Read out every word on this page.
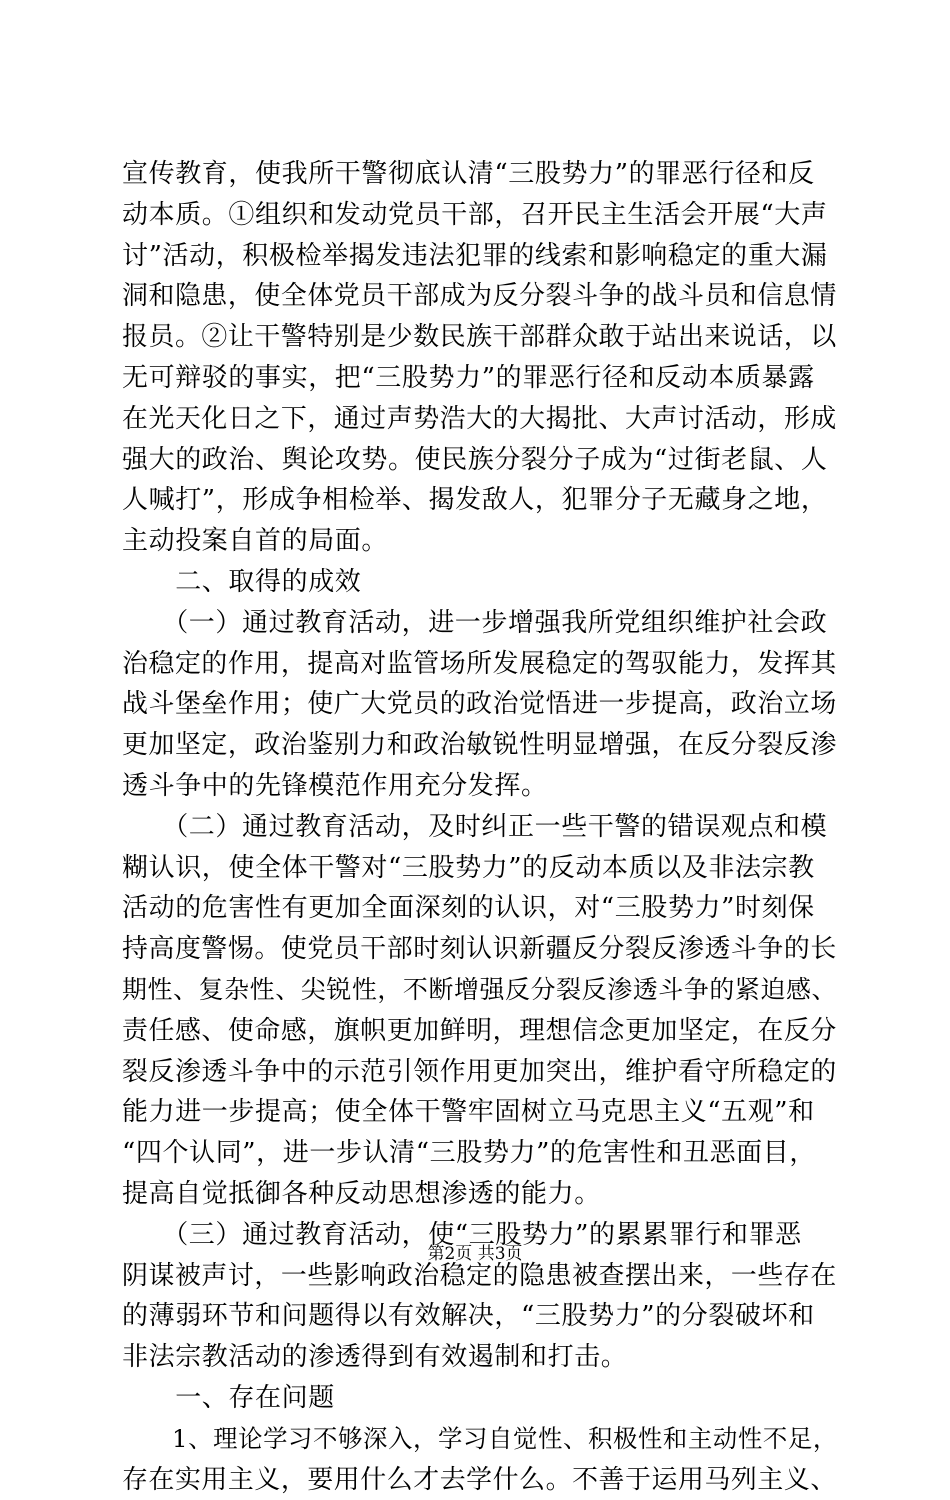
宣传教育，使我所干警彻底认清“三股势力”的罪恶行径和反
动本质。①组织和发动党员干部，召开民主生活会开展“大声
讨”活动，积极检举揭发违法犯罪的线索和影响稳定的重大漏
洞和隐患，使全体党员干部成为反分裂斗争的战斗员和信息情
报员。②让干警特别是少数民族干部群众敢于站出来说话，以
无可辩驳的事实，把“三股势力”的罪恶行径和反动本质暴露
在光天化日之下，通过声势浩大的大揭批、大声讨活动，形成
强大的政治、舆论攻势。使民族分裂分子成为“过街老鼠、人
人喊打”，形成争相检举、揭发敌人，犯罪分子无藏身之地，
主动投案自首的局面。
　　二、取得的成效
　　（一）通过教育活动，进一步增强我所党组织维护社会政
治稳定的作用，提高对监管场所发展稳定的驾驭能力，发挥其
战斗堡垒作用；使广大党员的政治觉悟进一步提高，政治立场
更加坚定，政治鉴别力和政治敏锐性明显增强，在反分裂反渗
透斗争中的先锋模范作用充分发挥。
　　（二）通过教育活动，及时纠正一些干警的错误观点和模
糊认识，使全体干警对“三股势力”的反动本质以及非法宗教
活动的危害性有更加全面深刻的认识，对“三股势力”时刻保
持高度警惕。使党员干部时刻认识新疆反分裂反渗透斗争的长
期性、复杂性、尖锐性，不断增强反分裂反渗透斗争的紧迫感、
责任感、使命感，旗帜更加鲜明，理想信念更加坚定，在反分
裂反渗透斗争中的示范引领作用更加突出，维护看守所稳定的
能力进一步提高；使全体干警牢固树立马克思主义“五观”和
“四个认同”，进一步认清“三股势力”的危害性和丑恶面目，
提高自觉抵御各种反动思想渗透的能力。
　　（三）通过教育活动，使“三股势力”的累累罪行和罪恶
阴谋被声讨，一些影响政治稳定的隐患被查摆出来，一些存在
的薄弱环节和问题得以有效解决，“三股势力”的分裂破坏和
非法宗教活动的渗透得到有效遏制和打击。
　　一、存在问题
　　1、理论学习不够深入，学习自觉性、积极性和主动性不足，
存在实用主义，要用什么才去学什么。不善于运用马列主义、
第2页 共3页
